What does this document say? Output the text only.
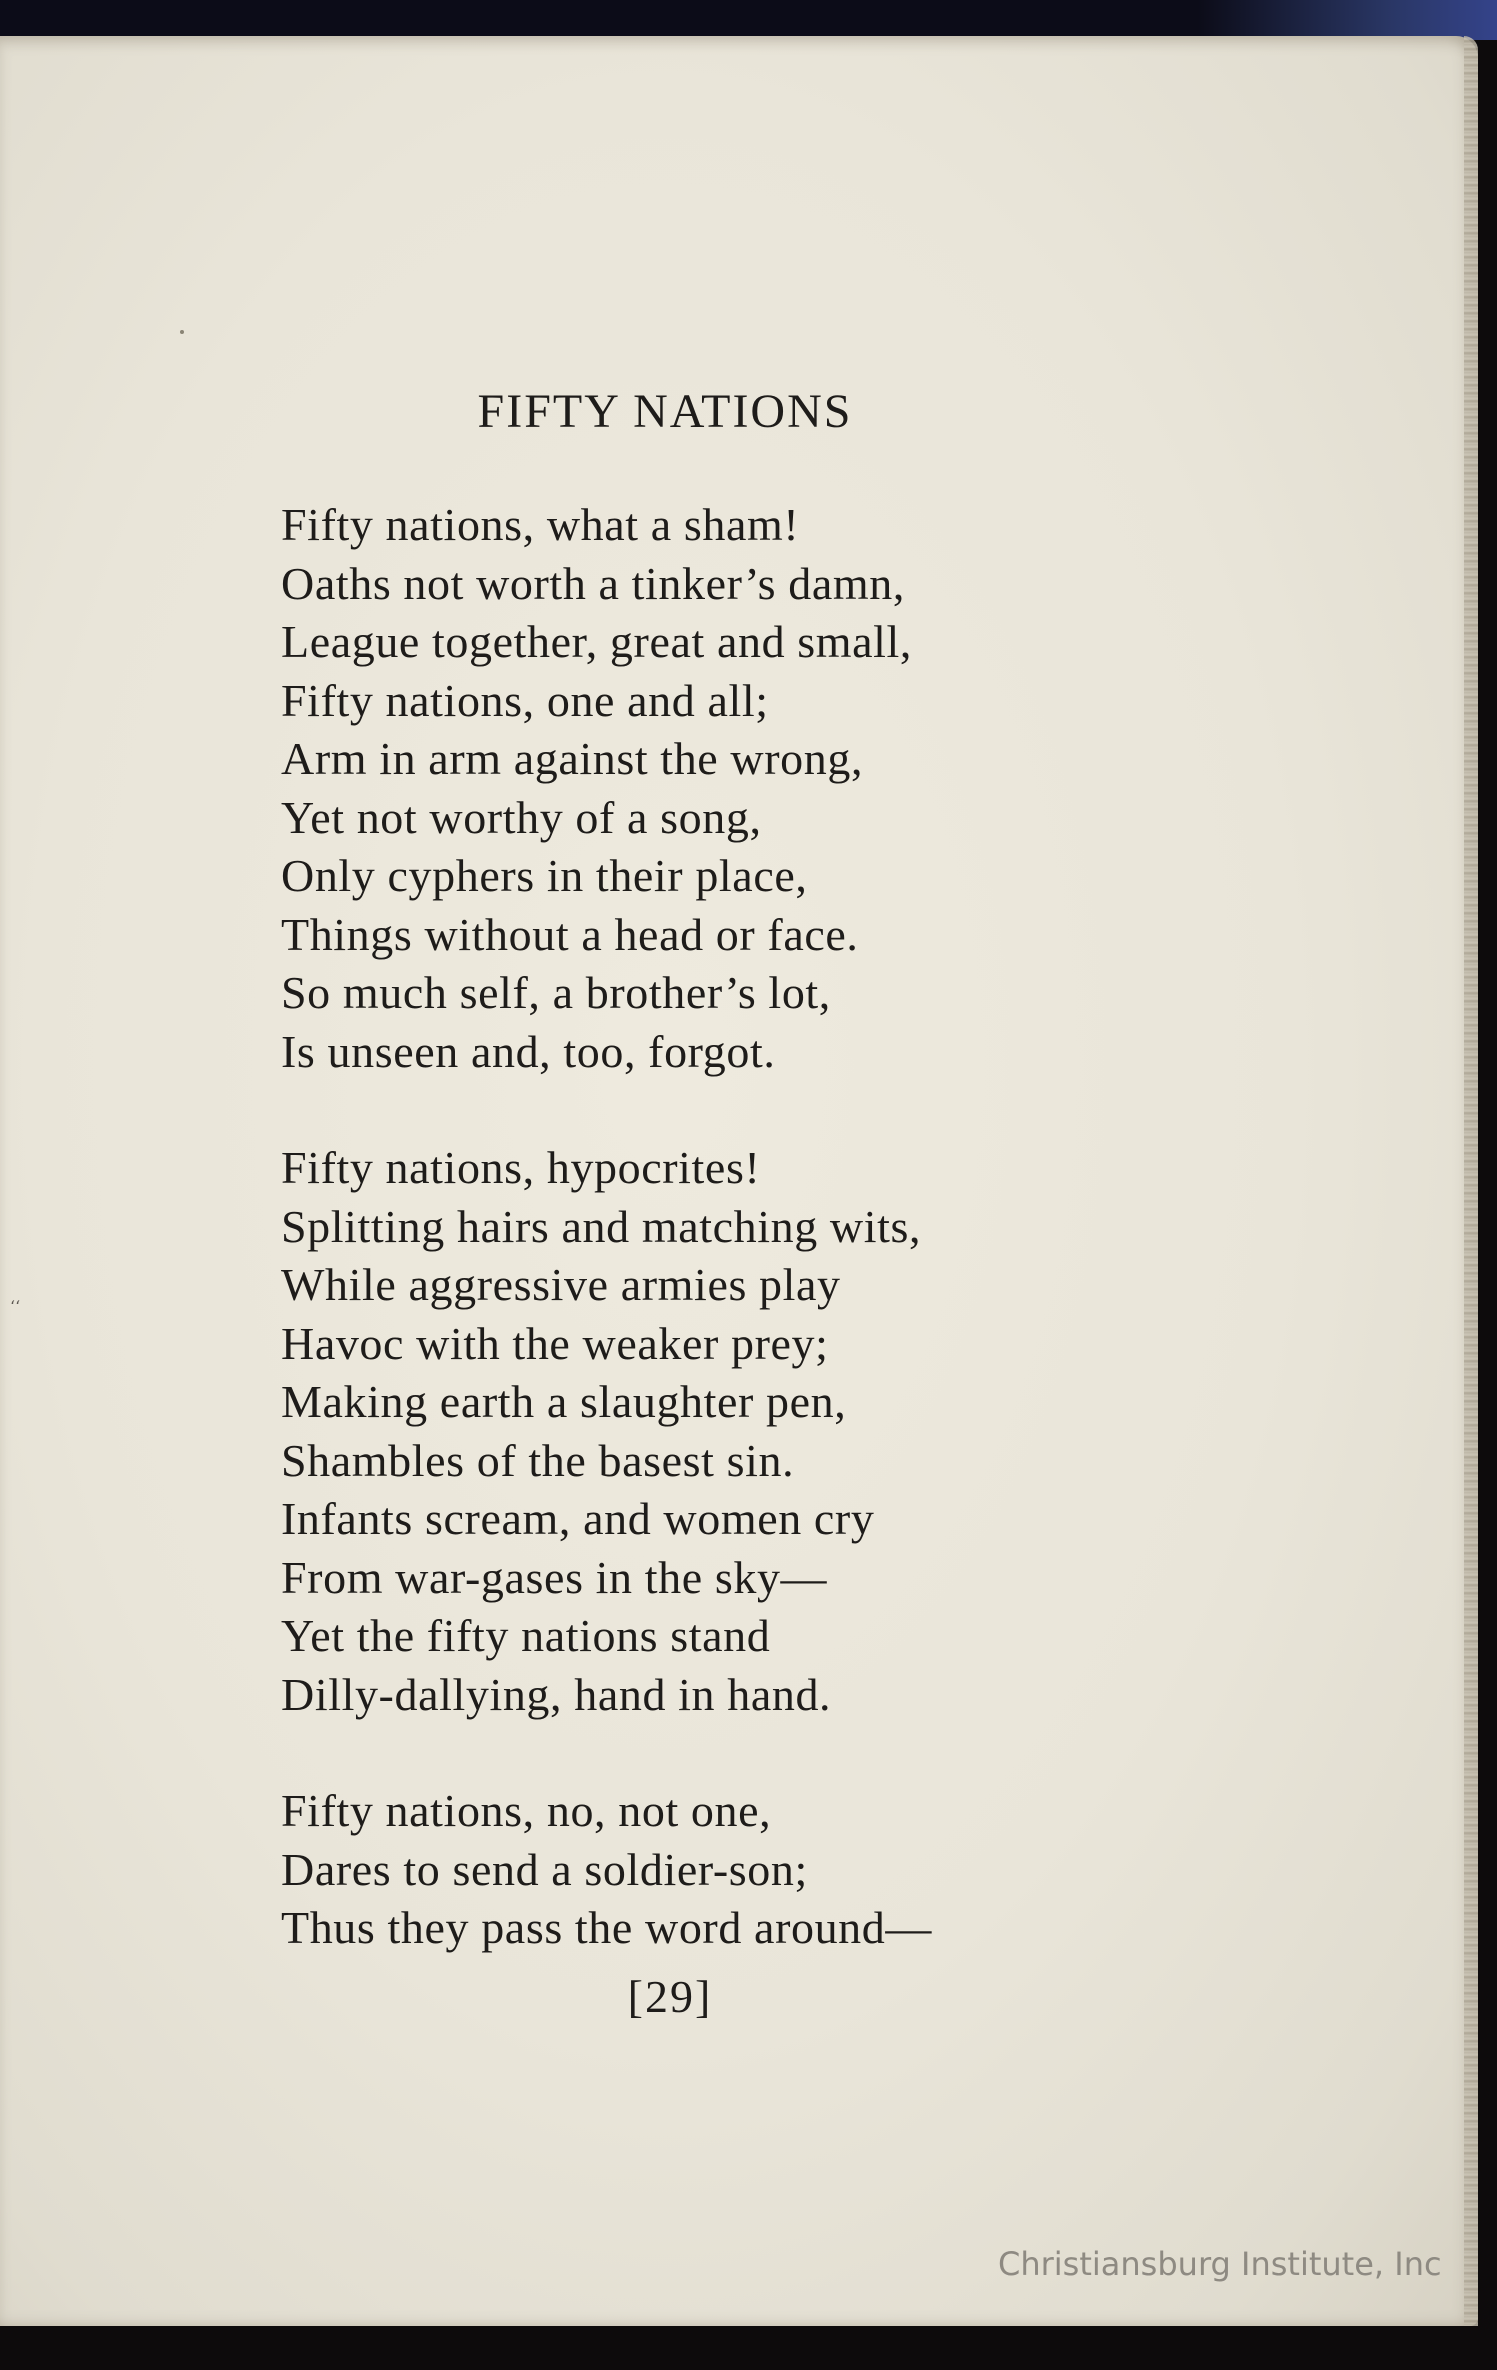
‘‘
FIFTY NATIONS
Fifty nations, what a sham!
Oaths not worth a tinker’s damn,
League together, great and small,
Fifty nations, one and all;
Arm in arm against the wrong,
Yet not worthy of a song,
Only cyphers in their place,
Things without a head or face.
So much self, a brother’s lot,
Is unseen and, too, forgot.
Fifty nations, hypocrites!
Splitting hairs and matching wits,
While aggressive armies play
Havoc with the weaker prey;
Making earth a slaughter pen,
Shambles of the basest sin.
Infants scream, and women cry
From war-gases in the sky—
Yet the fifty nations stand
Dilly-dallying, hand in hand.
Fifty nations, no, not one,
Dares to send a soldier-son;
Thus they pass the word around—
[29]
Christiansburg Institute, Inc
